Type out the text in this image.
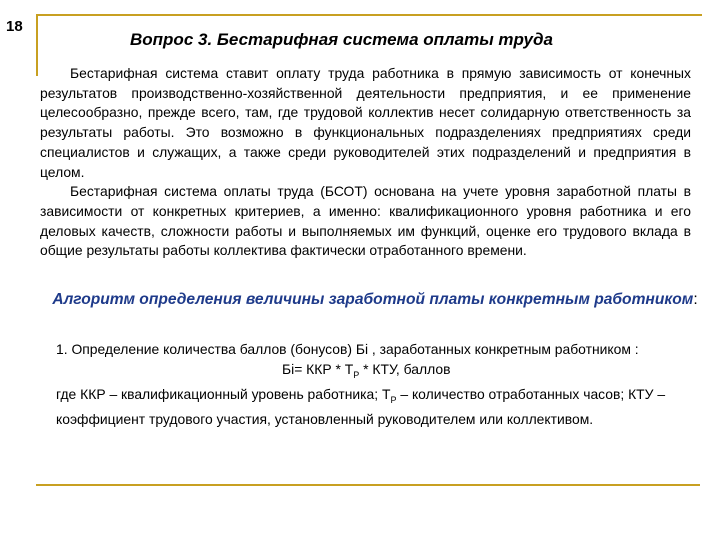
18
Вопрос 3. Бестарифная система оплаты труда

Бестарифная система ставит оплату труда работника в прямую зависимость от конечных результатов производственно-хозяйственной деятельности предприятия, и ее применение целесообразно, прежде всего, там, где трудовой коллектив несет солидарную ответственность за результаты работы. Это возможно в функциональных подразделениях предприятиях среди специалистов и служащих, а также среди руководителей этих подразделений и предприятия в целом.

Бестарифная система оплаты труда (БСОТ) основана на учете уровня заработной платы в зависимости от конкретных критериев, а именно: квалификационного уровня работника и его деловых качеств, сложности работы и выполняемых им функций, оценке его трудового вклада в общие результаты работы коллектива фактически отработанного времени.

Алгоритм определения величины заработной платы конкретным работником:
1. Определение количества баллов (бонусов) Бі , заработанных конкретным работником :
Бі= ККР * $Т_Р$ * КТУ, баллов
где ККР – квалификационный уровень работника; $Т_Р$ – количество отработанных часов; КТУ – коэффициент трудового участия, установленный руководителем или коллективом.
